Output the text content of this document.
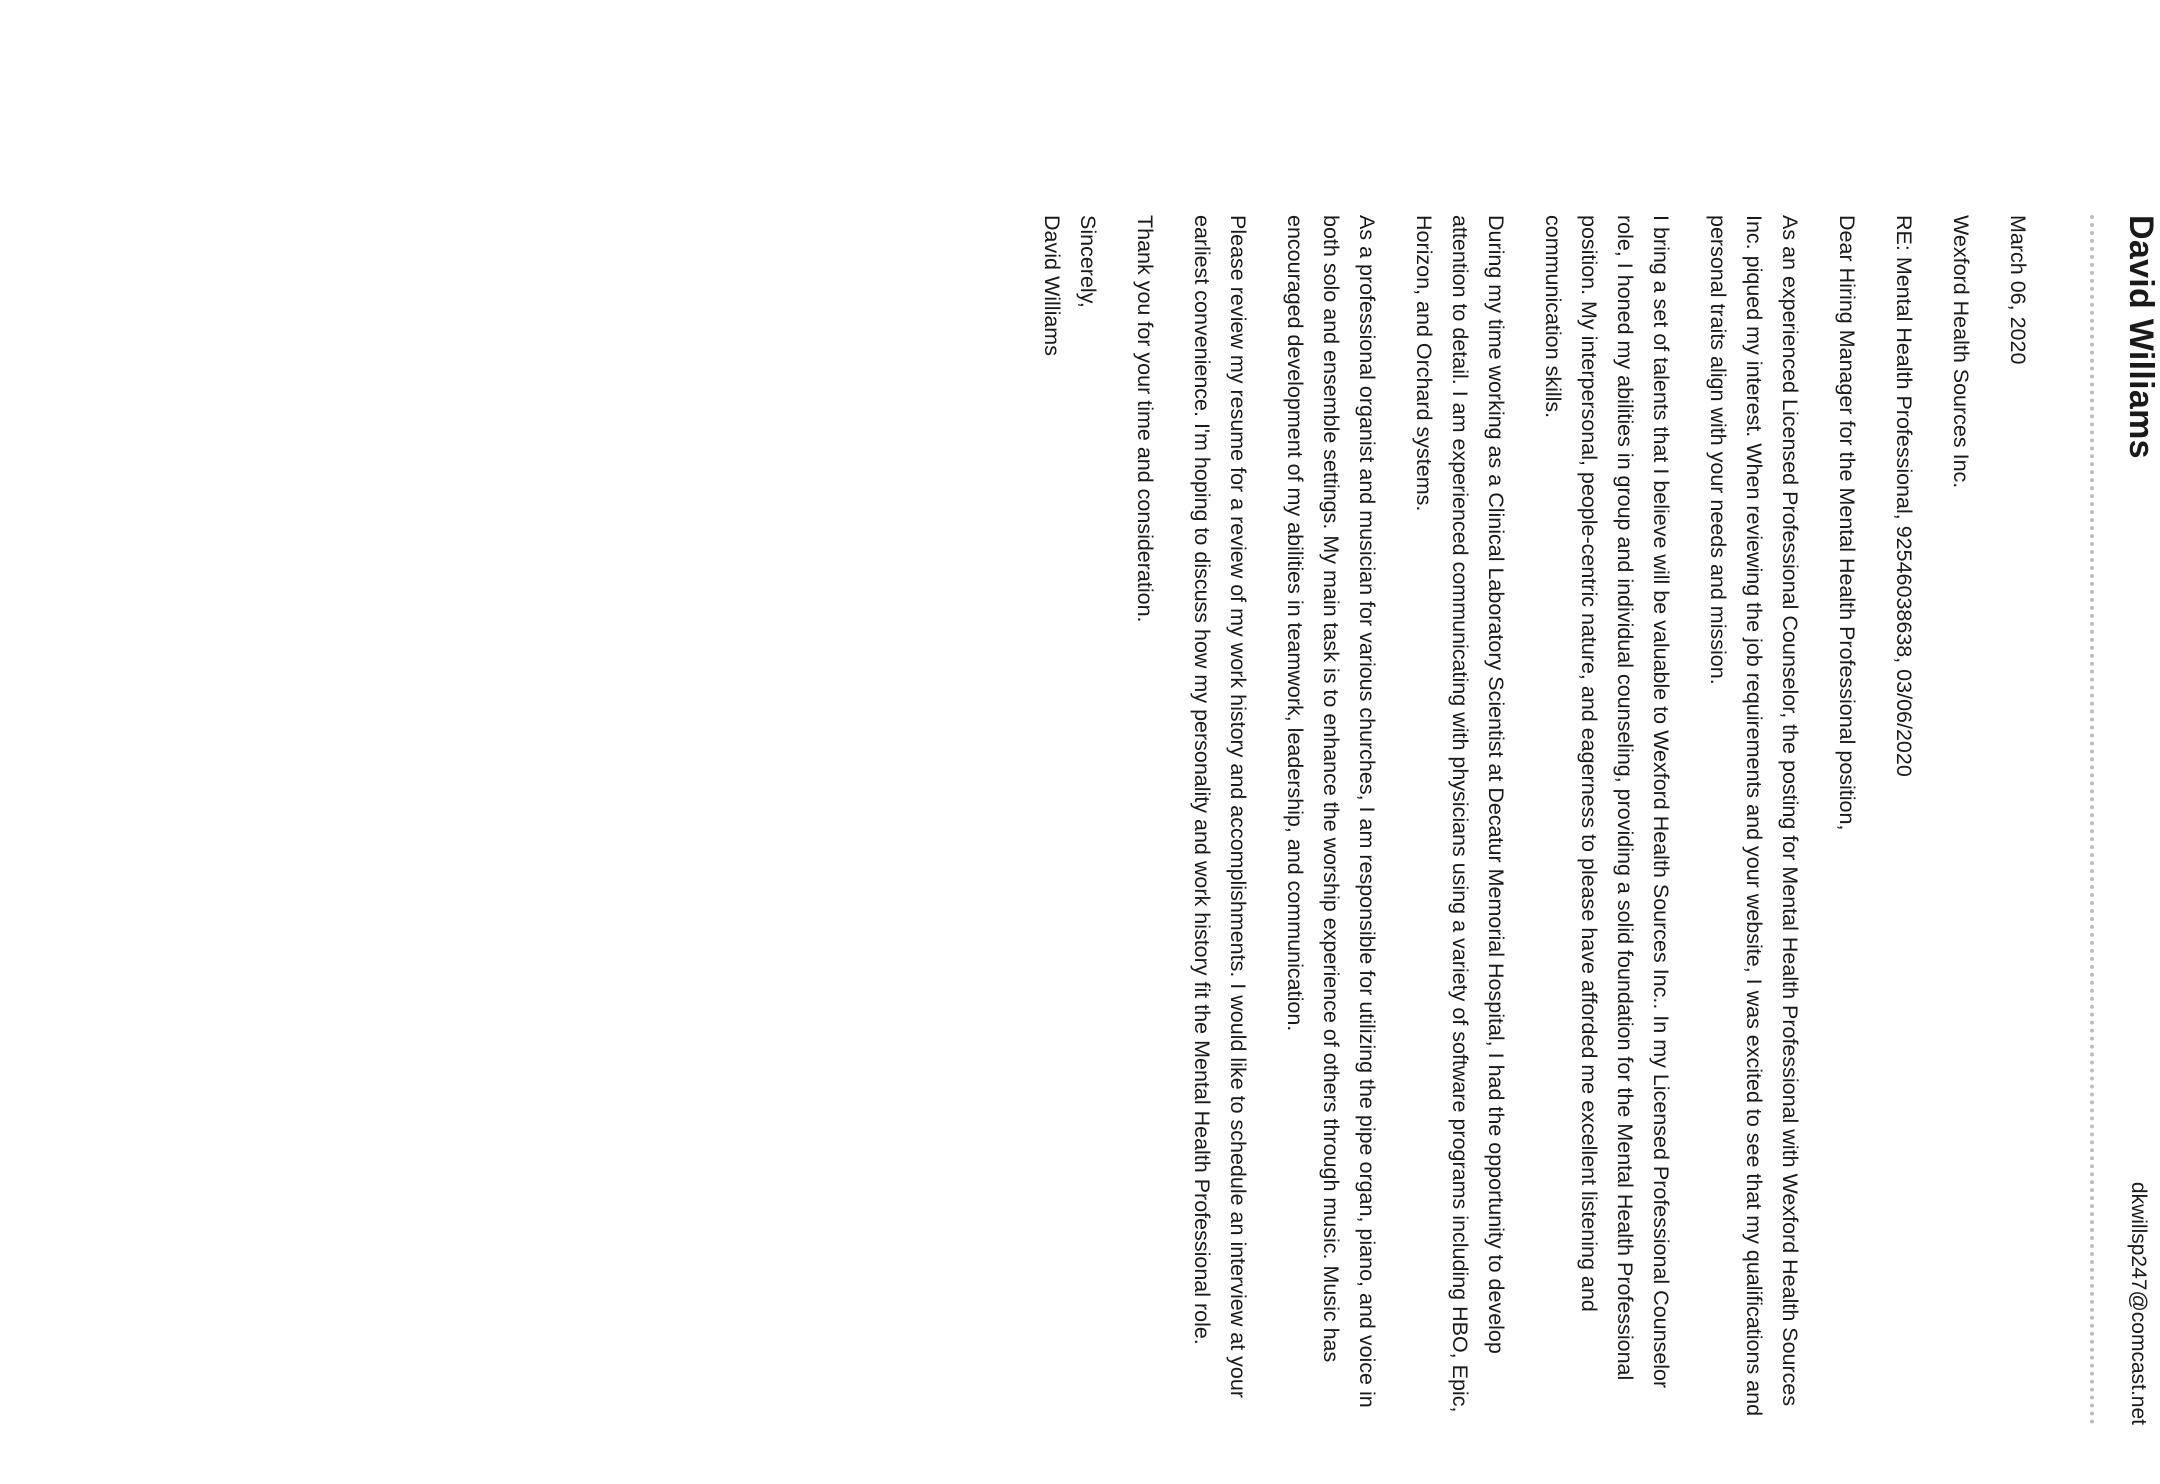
David Williams
dkwillsp247@comcast.net

March 06, 2020

Wexford Health Sources Inc.

RE: Mental Health Professional, 9254603863​8, 03/06/2020

Dear Hiring Manager for the Mental Health Professional position,

As an experienced Licensed Professional Counselor, the posting for Mental Health Professional with Wexford Health Sources Inc. piqued my interest. When reviewing the job requirements and your website, I was excited to see that my qualifications and personal traits align with your needs and mission.

I bring a set of talents that I believe will be valuable to Wexford Health Sources Inc.. In my Licensed Professional Counselor role, I honed my abilities in group and individual counseling, providing a solid foundation for the Mental Health Professional position. My interpersonal, people-centric nature, and eagerness to please have afforded me excellent listening and communication skills.

During my time working as a Clinical Laboratory Scientist at Decatur Memorial Hospital, I had the opportunity to develop attention to detail. I am experienced communicating with physicians using a variety of software programs including HBO, Epic, Horizon, and Orchard systems.

As a professional organist and musician for various churches, I am responsible for utilizing the pipe organ, piano, and voice in both solo and ensemble settings. My main task is to enhance the worship experience of others through music. Music has encouraged development of my abilities in teamwork, leadership, and communication.

Please review my resume for a review of my work history and accomplishments. I would like to schedule an interview at your earliest convenience. I'm hoping to discuss how my personality and work history fit the Mental Health Professional role.

Thank you for your time and consideration.

Sincerely,

David Williams
